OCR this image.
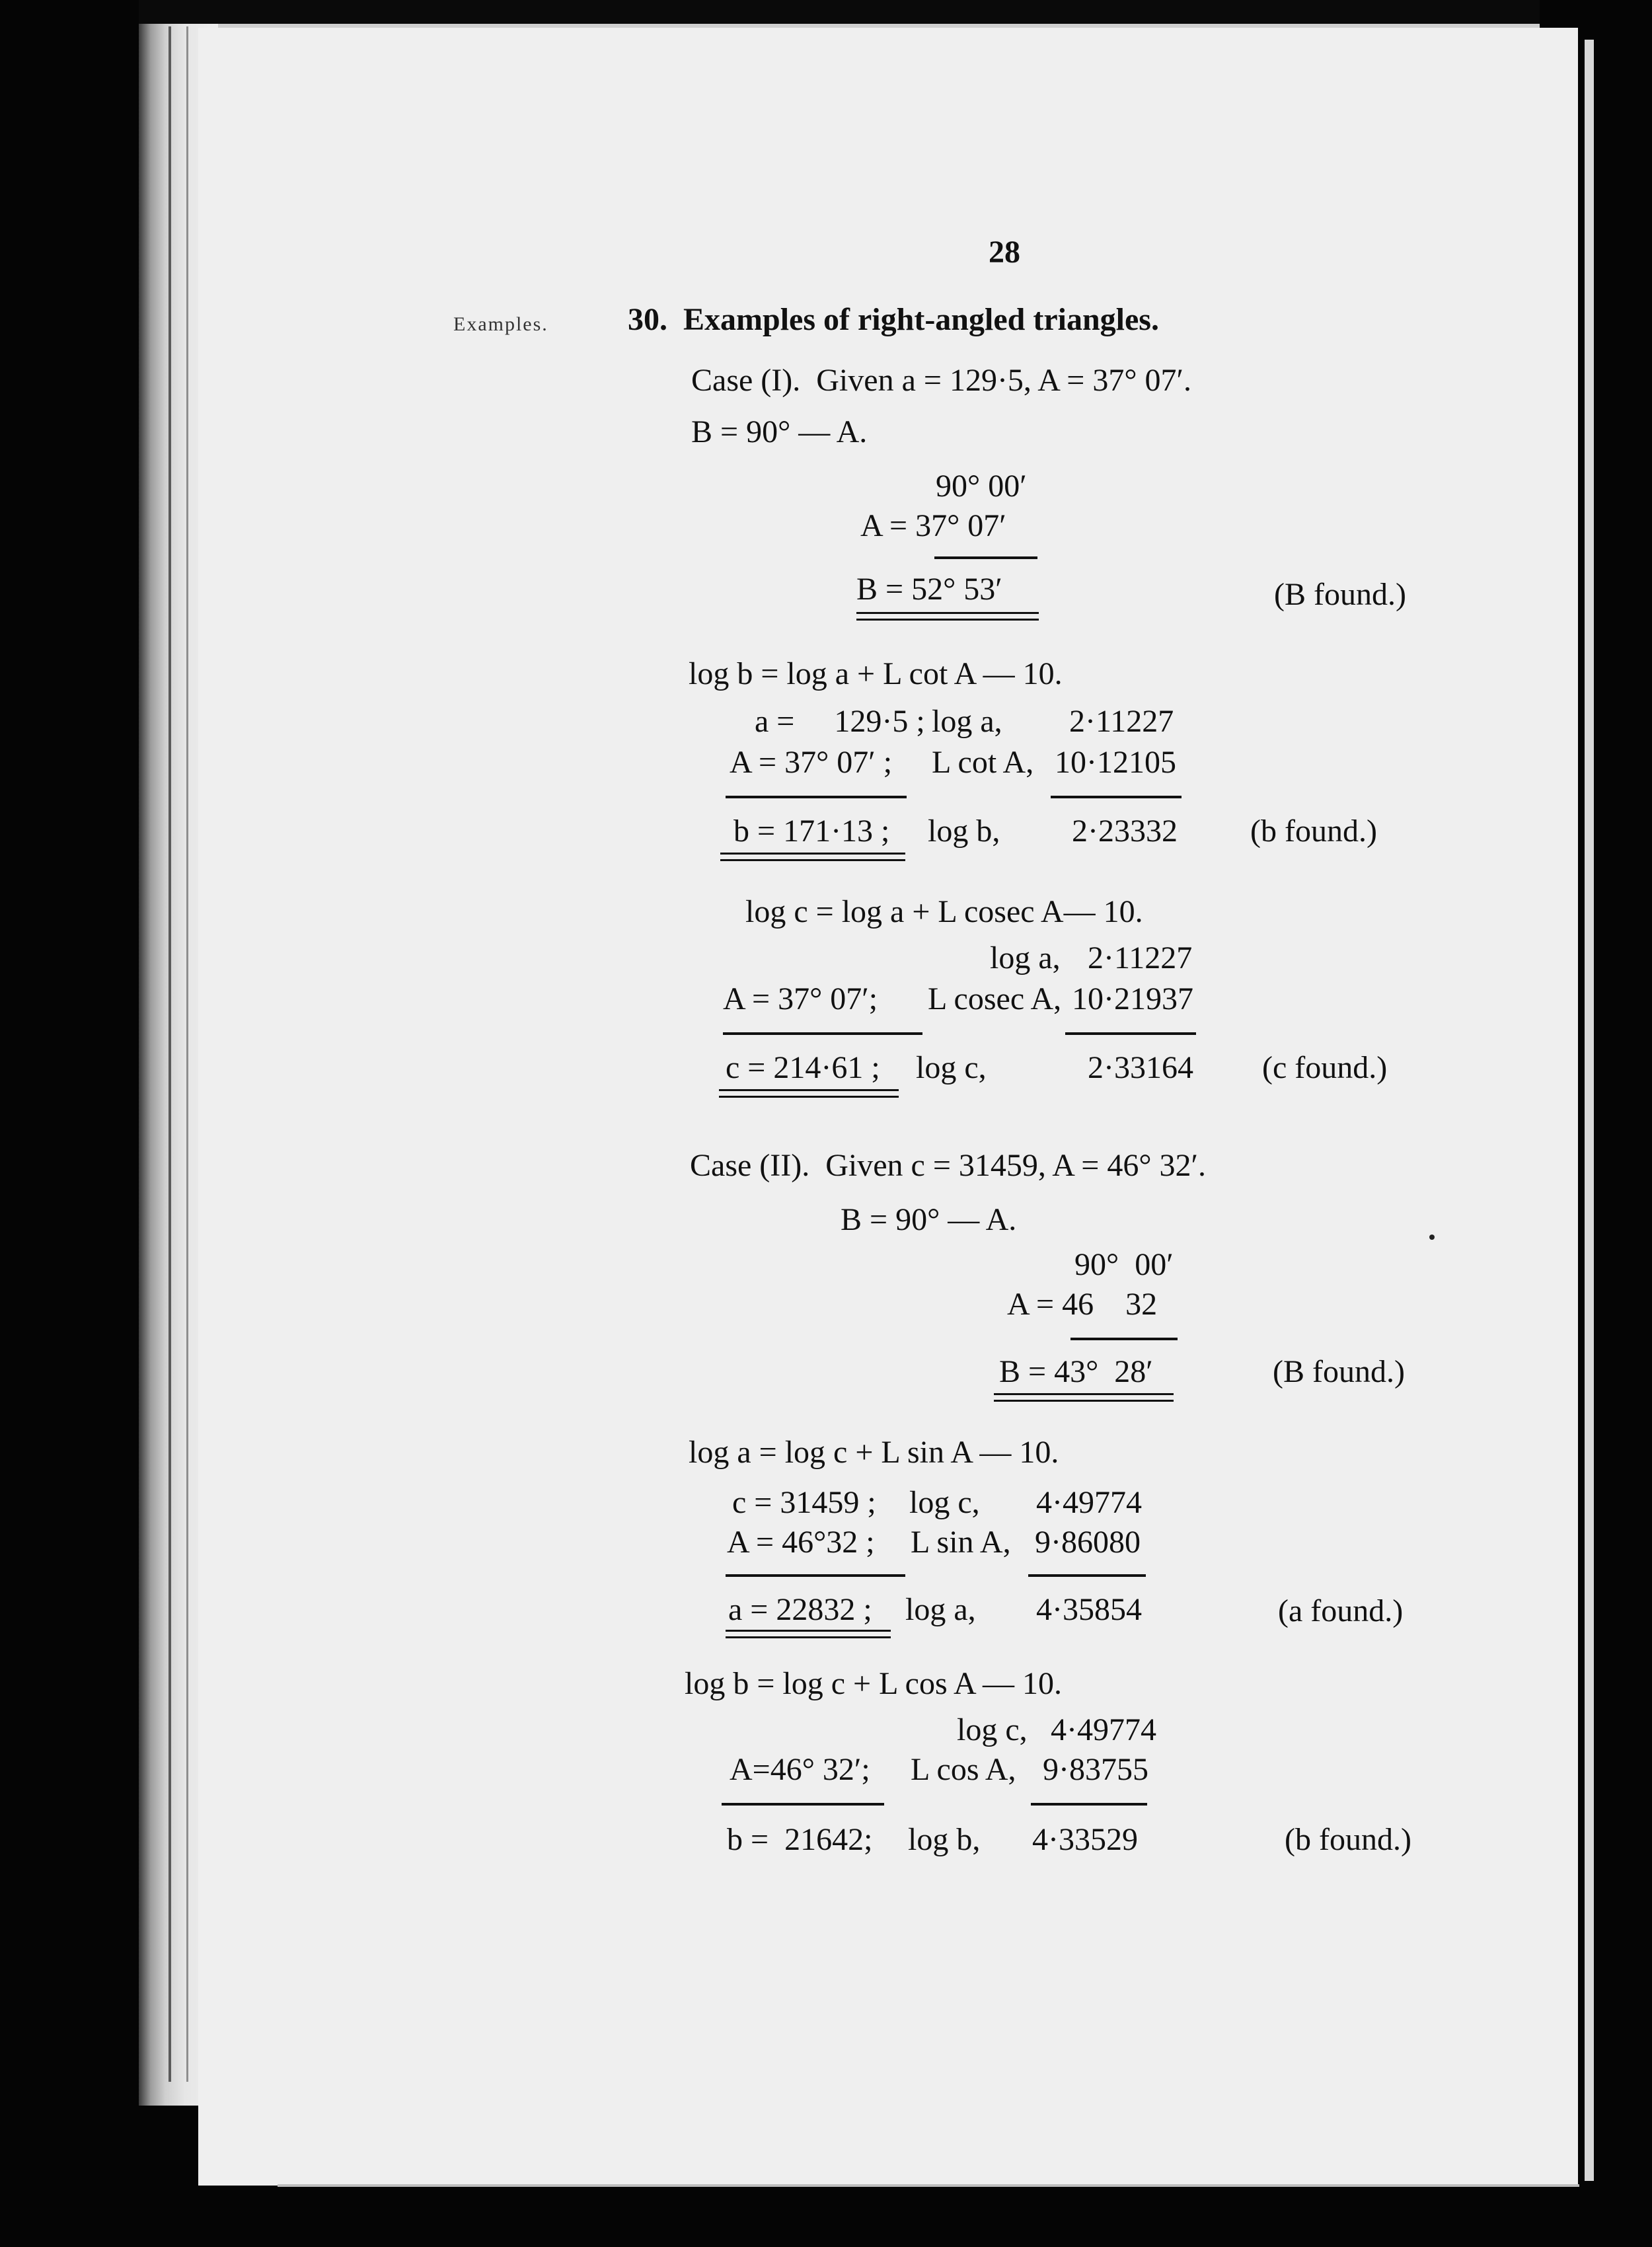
28
Examples.	30.  Examples of right-angled triangles.
Case (I).  Given a = 129·5, A = 37° 07′.
B = 90° — A.
90° 00′
A = 37° 07′
B = 52° 53′	(B found.)
log b = log a + L cot A — 10.
a =     129·5 ; log a, 2·11227
A = 37° 07′ ; L cot A, 10·12105
b = 171·13 ; log b, 2·23332 (b found.)
log c = log a + L cosec A— 10.
log a, 2·11227
A = 37° 07′; L cosec A, 10·21937
c = 214·61 ; log c,	2·33164 (c found.)
Case (II).  Given c = 31459, A = 46° 32′.
B = 90° — A.
90°  00′
A = 46    32
B = 43°  28′	(B found.)
log a = log c + L sin A — 10.
c = 31459 ; log c, 4·49774
A = 46°32 ; L sin A, 9·86080
a = 22832 ; log a, 4·35854	(a found.)
log b = log c + L cos A — 10.
log c, 4·49774
A=46° 32′; L cos A, 9·83755
b =  21642; log b, 4·33529	(b found.)
